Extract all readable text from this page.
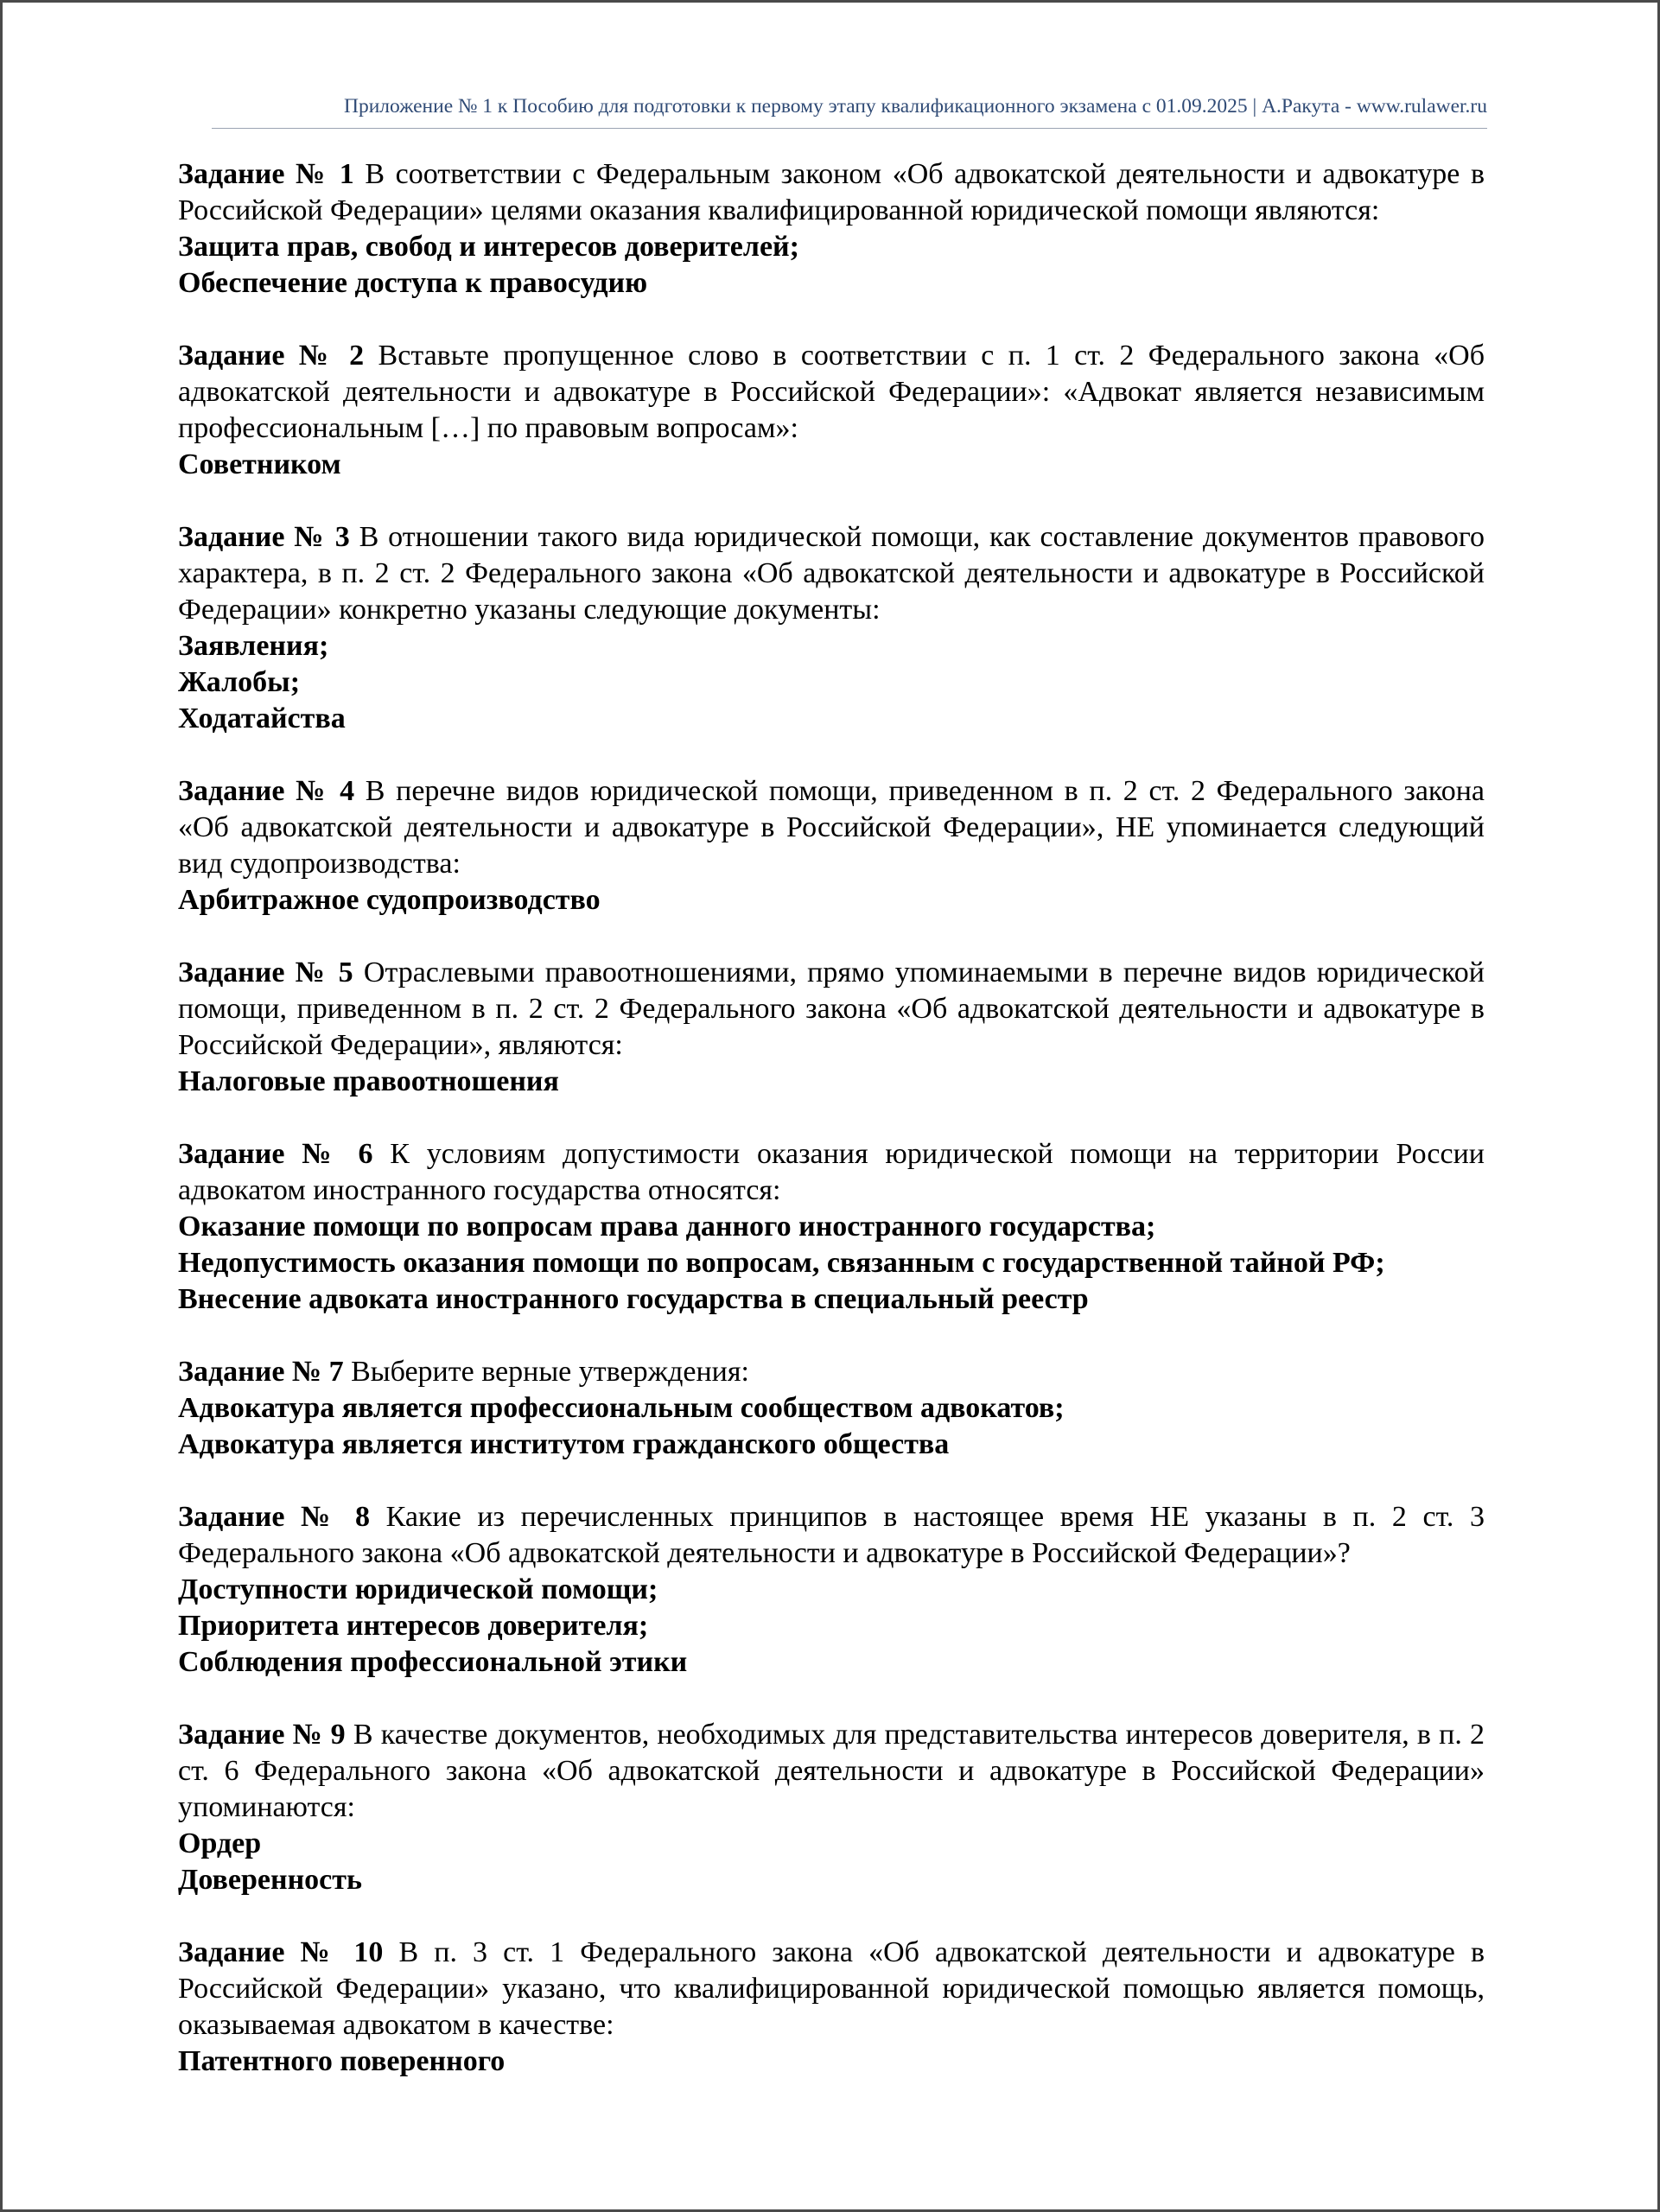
Приложение № 1 к Пособию для подготовки к первому этапу квалификационного экзамена с 01.09.2025 | А.Ракута - www.rulawer.ru

Задание № 1 В соответствии с Федеральным законом «Об адвокатской деятельности и адвокатуре в Российской Федерации» целями оказания квалифицированной юридической помощи являются:

Защита прав, свобод и интересов доверителей;

Обеспечение доступа к правосудию

Задание № 2 Вставьте пропущенное слово в соответствии с п. 1 ст. 2 Федерального закона «Об адвокатской деятельности и адвокатуре в Российской Федерации»: «Адвокат является независимым профессиональным […] по правовым вопросам»:

Советником

Задание № 3 В отношении такого вида юридической помощи, как составление документов правового характера, в п. 2 ст. 2 Федерального закона «Об адвокатской деятельности и адвокатуре в Российской Федерации» конкретно указаны следующие документы:

Заявления;

Жалобы;

Ходатайства

Задание № 4 В перечне видов юридической помощи, приведенном в п. 2 ст. 2 Федерального закона «Об адвокатской деятельности и адвокатуре в Российской Федерации», НЕ упоминается следующий вид судопроизводства:

Арбитражное судопроизводство

Задание № 5 Отраслевыми правоотношениями, прямо упоминаемыми в перечне видов юридической помощи, приведенном в п. 2 ст. 2 Федерального закона «Об адвокатской деятельности и адвокатуре в Российской Федерации», являются:

Налоговые правоотношения

Задание № 6 К условиям допустимости оказания юридической помощи на территории России адвокатом иностранного государства относятся:

Оказание помощи по вопросам права данного иностранного государства;

Недопустимость оказания помощи по вопросам, связанным с государственной тайной РФ;

Внесение адвоката иностранного государства в специальный реестр

Задание № 7 Выберите верные утверждения:

Адвокатура является профессиональным сообществом адвокатов;

Адвокатура является институтом гражданского общества

Задание № 8 Какие из перечисленных принципов в настоящее время НЕ указаны в п. 2 ст. 3 Федерального закона «Об адвокатской деятельности и адвокатуре в Российской Федерации»?

Доступности юридической помощи;

Приоритета интересов доверителя;

Соблюдения профессиональной этики

Задание № 9 В качестве документов, необходимых для представительства интересов доверителя, в п. 2 ст. 6 Федерального закона «Об адвокатской деятельности и адвокатуре в Российской Федерации» упоминаются:

Ордер

Доверенность

Задание № 10 В п. 3 ст. 1 Федерального закона «Об адвокатской деятельности и адвокатуре в Российской Федерации» указано, что квалифицированной юридической помощью является помощь, оказываемая адвокатом в качестве:

Патентного поверенного
